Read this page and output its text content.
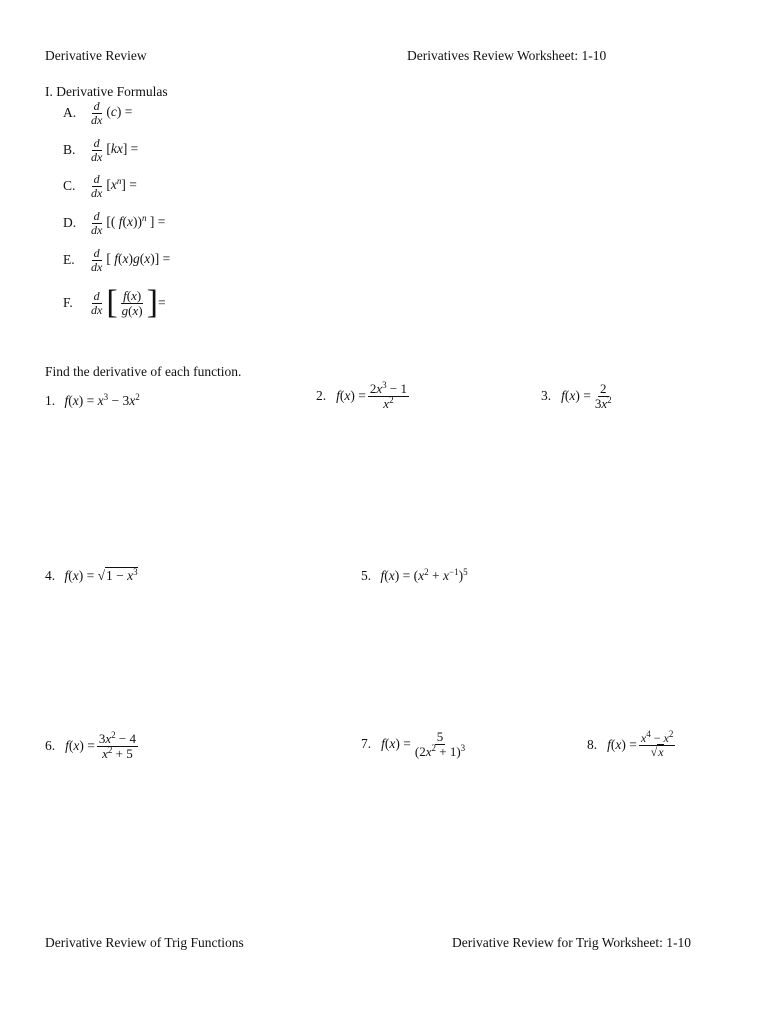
Derivative Review	Derivatives Review Worksheet: 1-10
I. Derivative Formulas
A.	$\frac{d}{dx} (c)$ =
B.	$\frac{d}{dx} [kx]$ =
C.	$\frac{d}{dx} [x^n]$ =
D.	$\frac{d}{dx}$ [( f(x))$^n$ ] =
E.	$\frac{d}{dx}$ [ f(x)g(x)] =
F.	$\frac{d}{dx}$ [ $\frac{f(x)}{g(x)}$ ] =
Find the derivative of each function.
1. $f(x) = x^3 - 3x^2$	2. $f(x) = \frac{2x^3 - 1}{x^2}$	3. $f(x) = \frac{2}{3x^2}$
4. $f(x) = √1 - x^3$	5. $f(x) = (x^2 + x^{-1})^5$
6. $f(x) = \frac{3x^2 - 4}{x^2 + 5}$	7. $f(x) = \frac{5}{(2x^2 + 1)^3}$	8. $f(x) = \frac{x^4 - x^2}{√x}$
Derivative Review of Trig Functions	Derivative Review for Trig Worksheet: 1-10
